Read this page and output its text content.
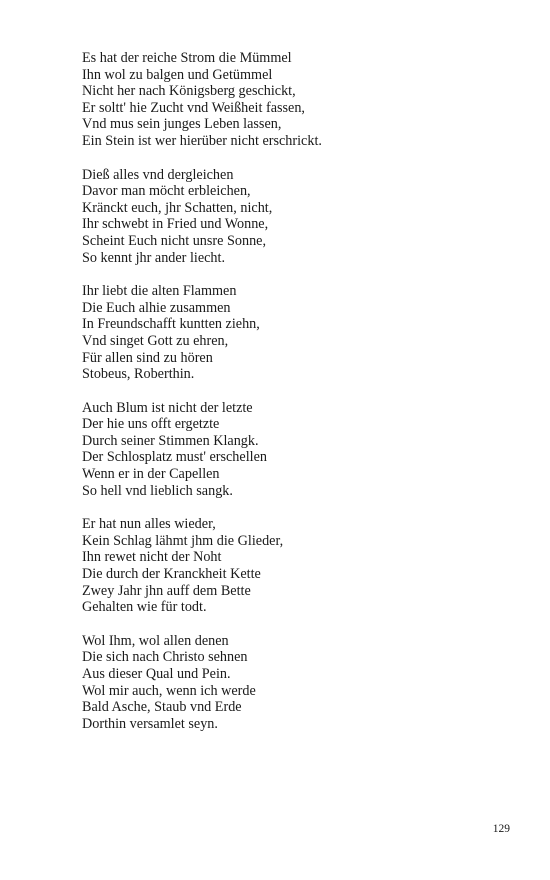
Es hat der reiche Strom die Mümmel
Ihn wol zu balgen und Getümmel
Nicht her nach Königsberg geschickt,
Er soltt' hie Zucht vnd Weißheit fassen,
Vnd mus sein junges Leben lassen,
Ein Stein ist wer hierüber nicht erschrickt.
Dieß alles vnd dergleichen
Davor man möcht erbleichen,
Kränckt euch, jhr Schatten, nicht,
Ihr schwebt in Fried und Wonne,
Scheint Euch nicht unsre Sonne,
So kennt jhr ander liecht.
Ihr liebt die alten Flammen
Die Euch alhie zusammen
In Freundschafft kuntten ziehn,
Vnd singet Gott zu ehren,
Für allen sind zu hören
Stobeus, Roberthin.
Auch Blum ist nicht der letzte
Der hie uns offt ergetzte
Durch seiner Stimmen Klangk.
Der Schlosplatz must' erschellen
Wenn er in der Capellen
So hell vnd lieblich sangk.
Er hat nun alles wieder,
Kein Schlag lähmt jhm die Glieder,
Ihn rewet nicht der Noht
Die durch der Kranckheit Kette
Zwey Jahr jhn auff dem Bette
Gehalten wie für todt.
Wol Ihm, wol allen denen
Die sich nach Christo sehnen
Aus dieser Qual und Pein.
Wol mir auch, wenn ich werde
Bald Asche, Staub vnd Erde
Dorthin versamlet seyn.
129
